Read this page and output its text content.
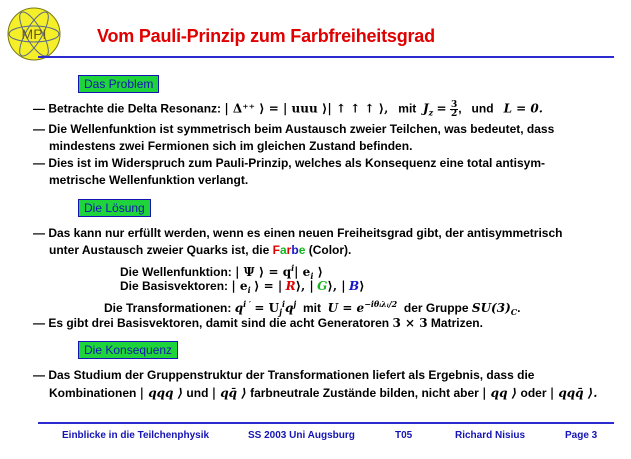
MPI	Vom Pauli-Prinzip zum Farbfreiheitsgrad
Das Problem
— Betrachte die Delta Resonanz: | Δ⁺⁺ ⟩ = | uuu ⟩| ↑ ↑ ↑ ⟩, mit $J_z = \frac{3}{2}$ ,   und L = 0.
— Die Wellenfunktion ist symmetrisch beim Austausch zweier Teilchen, was bedeutet, dass
mindestens zwei Fermionen sich im gleichen Zustand befinden.
— Dies ist im Widerspruch zum Pauli-Prinzip, welches als Konsequenz eine total antisym-
metrische Wellenfunktion verlangt.
Die Lösung
— Das kann nur erfüllt werden, wenn es einen neuen Freiheitsgrad gibt, der antisymmetrisch
unter Austausch zweier Quarks ist, die Farbe (Color).
Die Wellenfunktion: | Ψ ⟩ = $q^i|$ $e_i$ ⟩
Die Basisvektoren: | $e_i$ ⟩ = | R⟩, | G⟩, | B⟩
Die Transformationen: $q^{i '} = U_j^iq^j$ mit $U = e^{-i\theta ᵢ\lambda ᵢ/2}$ der Gruppe $SU(3)_C$.
— Es gibt drei Basisvektoren, damit sind die acht Generatoren 3 × 3 Matrizen.
Die Konsequenz
— Das Studium der Gruppenstruktur der Transformationen liefert als Ergebnis, dass die
Kombinationen | qqq ⟩ und | qq̄ ⟩ farbneutrale Zustände bilden, nicht aber | qq ⟩ oder | qqq̄ ⟩.
Einblicke in die Teilchenphysik	SS 2003 Uni Augsburg	T05	Richard Nisius	Page 3
